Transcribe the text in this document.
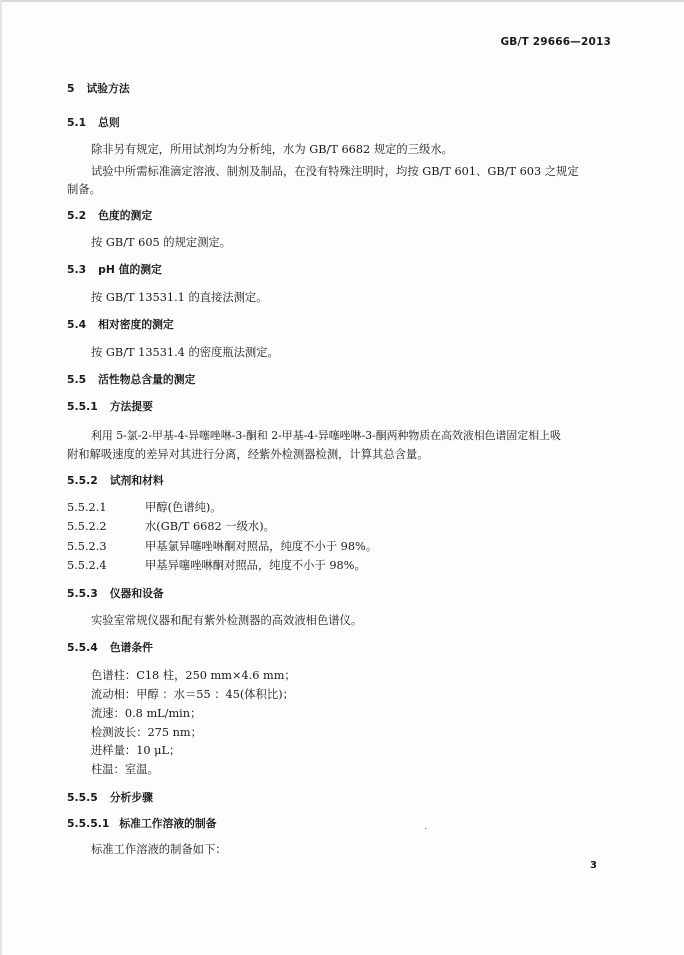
GB/T 29666—2013
5 试验方法
5.1 总则
除非另有规定，所用试剂均为分析纯，水为 GB/T 6682 规定的三级水。
试验中所需标准滴定溶液、制剂及制品，在没有特殊注明时，均按 GB/T 601、GB/T 603 之规定
制备。
5.2 色度的测定
按 GB/T 605 的规定测定。
5.3 pH 值的测定
按 GB/T 13531.1 的直接法测定。
5.4 相对密度的测定
按 GB/T 13531.4 的密度瓶法测定。
5.5 活性物总含量的测定
5.5.1 方法提要
利用 5-氯-2-甲基-4-异噻唑啉-3-酮和 2-甲基-4-异噻唑啉-3-酮两种物质在高效液相色谱固定相上吸
附和解吸速度的差异对其进行分离，经紫外检测器检测，计算其总含量。
5.5.2 试剂和材料
5.5.2.1	甲醇(色谱纯)。
5.5.2.2	水(GB/T 6682 一级水)。
5.5.2.3	甲基氯异噻唑啉酮对照品，纯度不小于 98%。
5.5.2.4	甲基异噻唑啉酮对照品，纯度不小于 98%。
5.5.3 仪器和设备
实验室常规仪器和配有紫外检测器的高效液相色谱仪。
5.5.4 色谱条件
色谱柱：C18 柱，250 mm×4.6 mm；
流动相：甲醇 ：水＝55 ：45(体积比)；
流速：0.8 mL/min；
检测波长：275 nm；
进样量：10 μL；
柱温：室温。
5.5.5 分析步骤
5.5.5.1 标准工作溶液的制备
标准工作溶液的制备如下：
⸼
3
